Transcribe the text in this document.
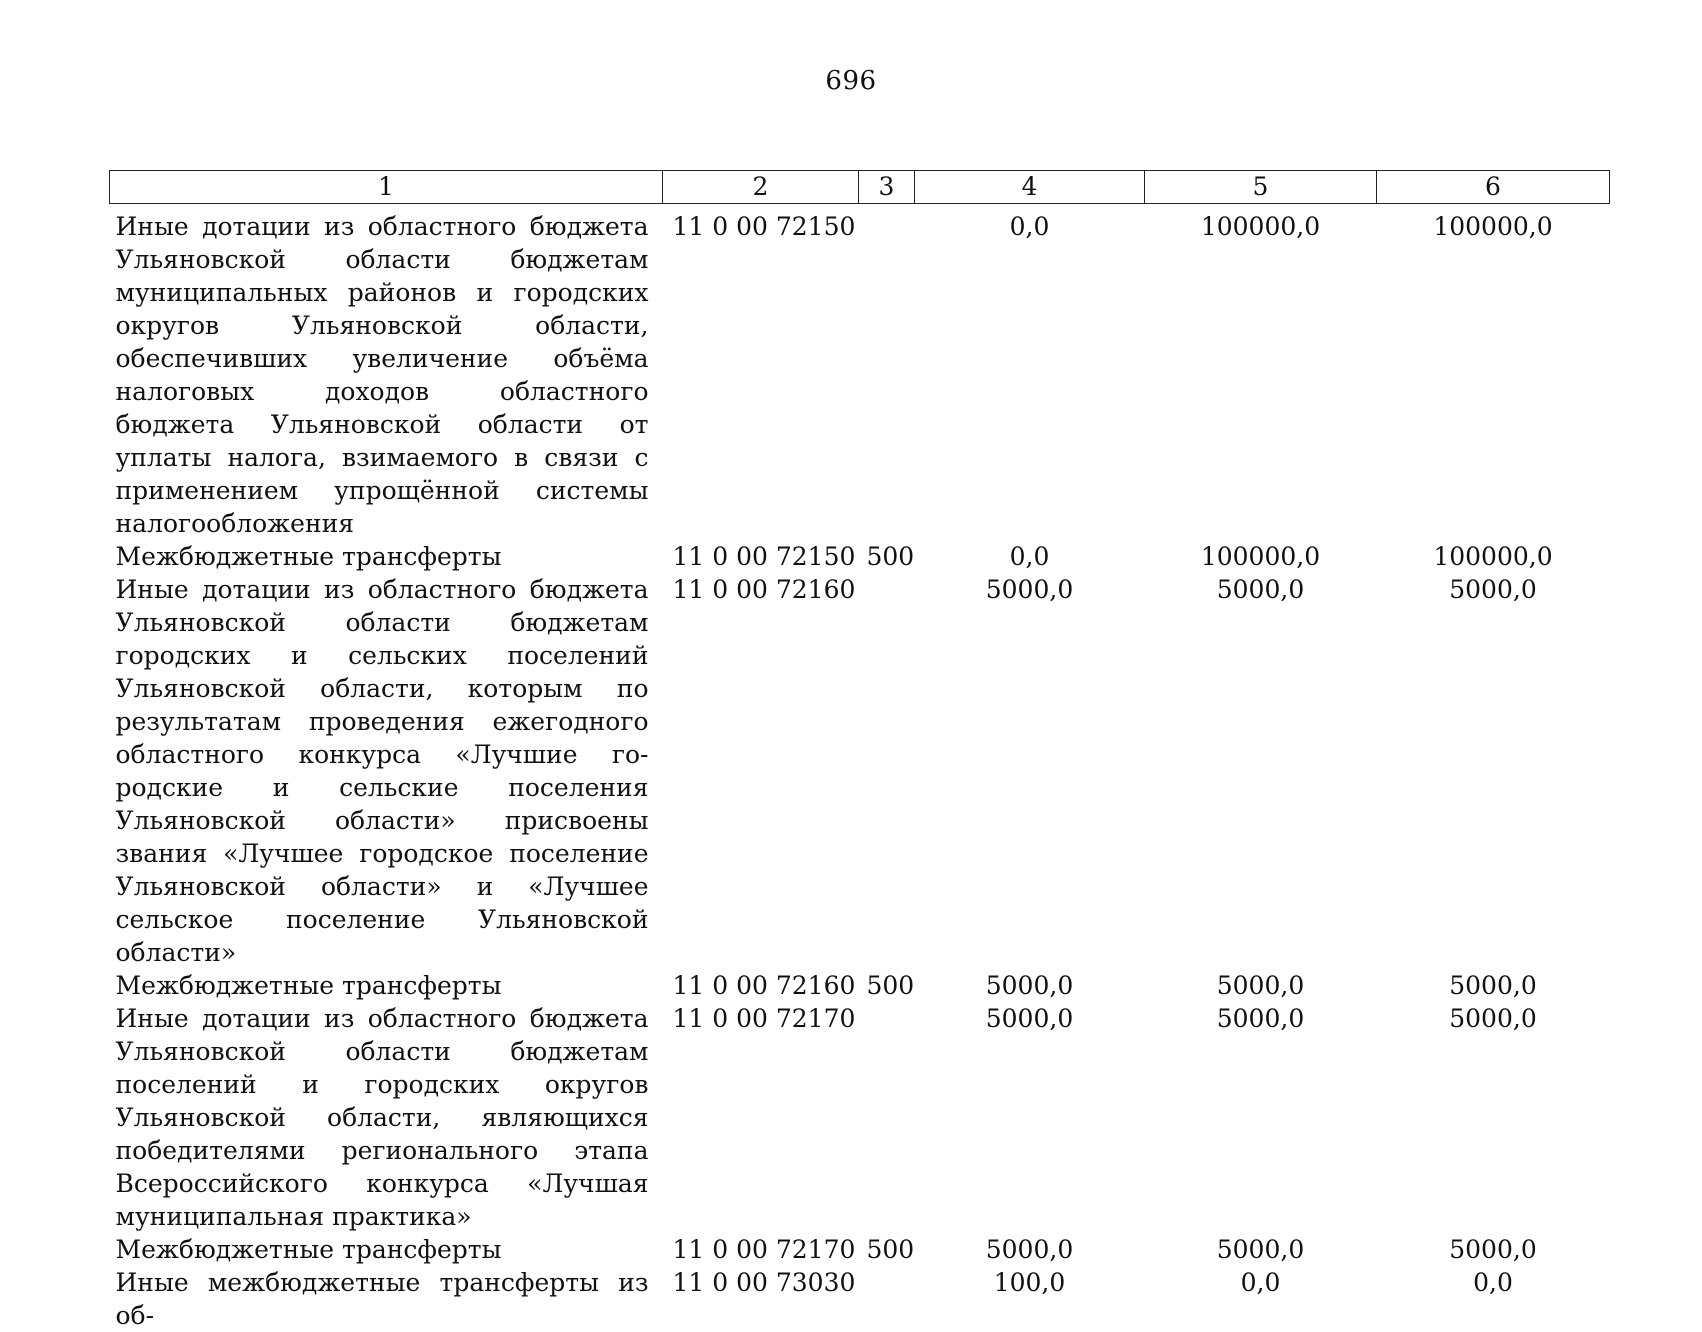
696
1	2	3	4	5	6
Иные дотации из областного бюджета Ульяновской области бюджетам муниципальных районов и городских округов Ульяновской области, обеспечивших увеличение объёма налоговых доходов областного бюджета Ульяновской области от уплаты налога, взимаемого в связи с применением упрощённой системы налогообложения	11 0 00 72150		0,0	100000,0	100000,0
Межбюджетные трансферты	11 0 00 72150	500	0,0	100000,0	100000,0
Иные дотации из областного бюджета Ульяновской области бюджетам городских и сельских поселений Ульяновской области, которым по результатам проведения ежегодного областного конкурса «Лучшие городские и сельские поселения Ульяновской области» присвоены звания «Лучшее городское поселение Ульяновской области» и «Лучшее сельское поселение Ульяновской области»	11 0 00 72160		5000,0	5000,0	5000,0
Межбюджетные трансферты	11 0 00 72160	500	5000,0	5000,0	5000,0
Иные дотации из областного бюджета Ульяновской области бюджетам поселений и городских округов Ульяновской области, являющихся победителями регионального этапа Всероссийского конкурса «Лучшая муниципальная практика»	11 0 00 72170		5000,0	5000,0	5000,0
Межбюджетные трансферты	11 0 00 72170	500	5000,0	5000,0	5000,0
Иные межбюджетные трансферты из об-	11 0 00 73030		100,0	0,0	0,0
